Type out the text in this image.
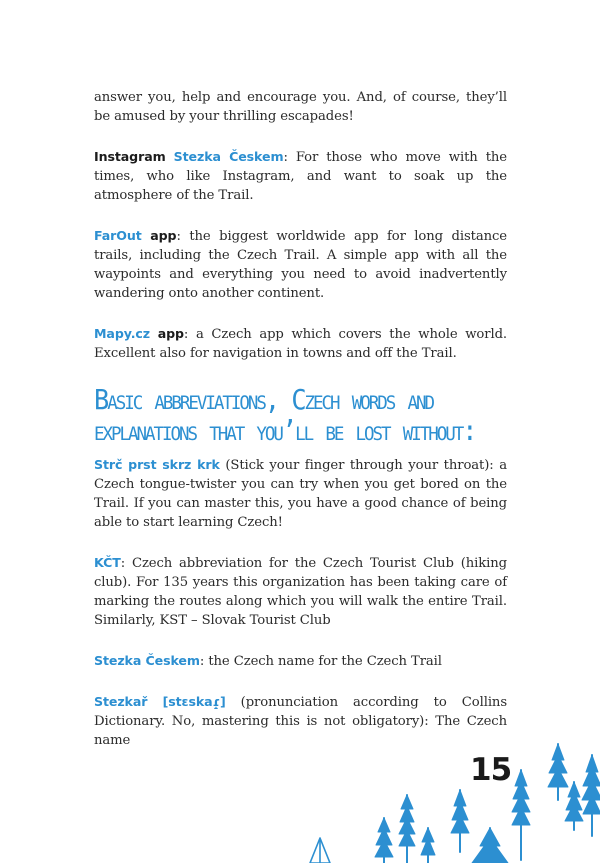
answer you, help and encourage you. And, of course, they’ll be amused by your thrilling escapades!

Instagram Stezka Českem: For those who move with the times, who like Instagram, and want to soak up the atmosphere of the Trail.

FarOut app: the biggest worldwide app for long distance trails, including the Czech Trail. A simple app with all the waypoints and everything you need to avoid inadvertently wandering onto another continent.

Mapy.cz app: a Czech app which covers the whole world. Excellent also for navigation in towns and off the Trail.

Basic abbreviations, Czech words and
explanations that you’ll be lost without:

Strč prst skrz krk (Stick your finger through your throat): a Czech tongue-twister you can try when you get bored on the Trail. If you can master this, you have a good chance of being able to start learning Czech!

KČT: Czech abbreviation for the Czech Tourist Club (hiking club). For 135 years this organization has been taking care of marking the routes along which you will walk the entire Trail. Similarly, KST – Slovak Tourist Club

Stezka Českem: the Czech name for the Czech Trail

Stezkař [stɛskaɾ̝] (pronunciation according to Collins Dictionary. No, mastering this is not obligatory): The Czech name

15
